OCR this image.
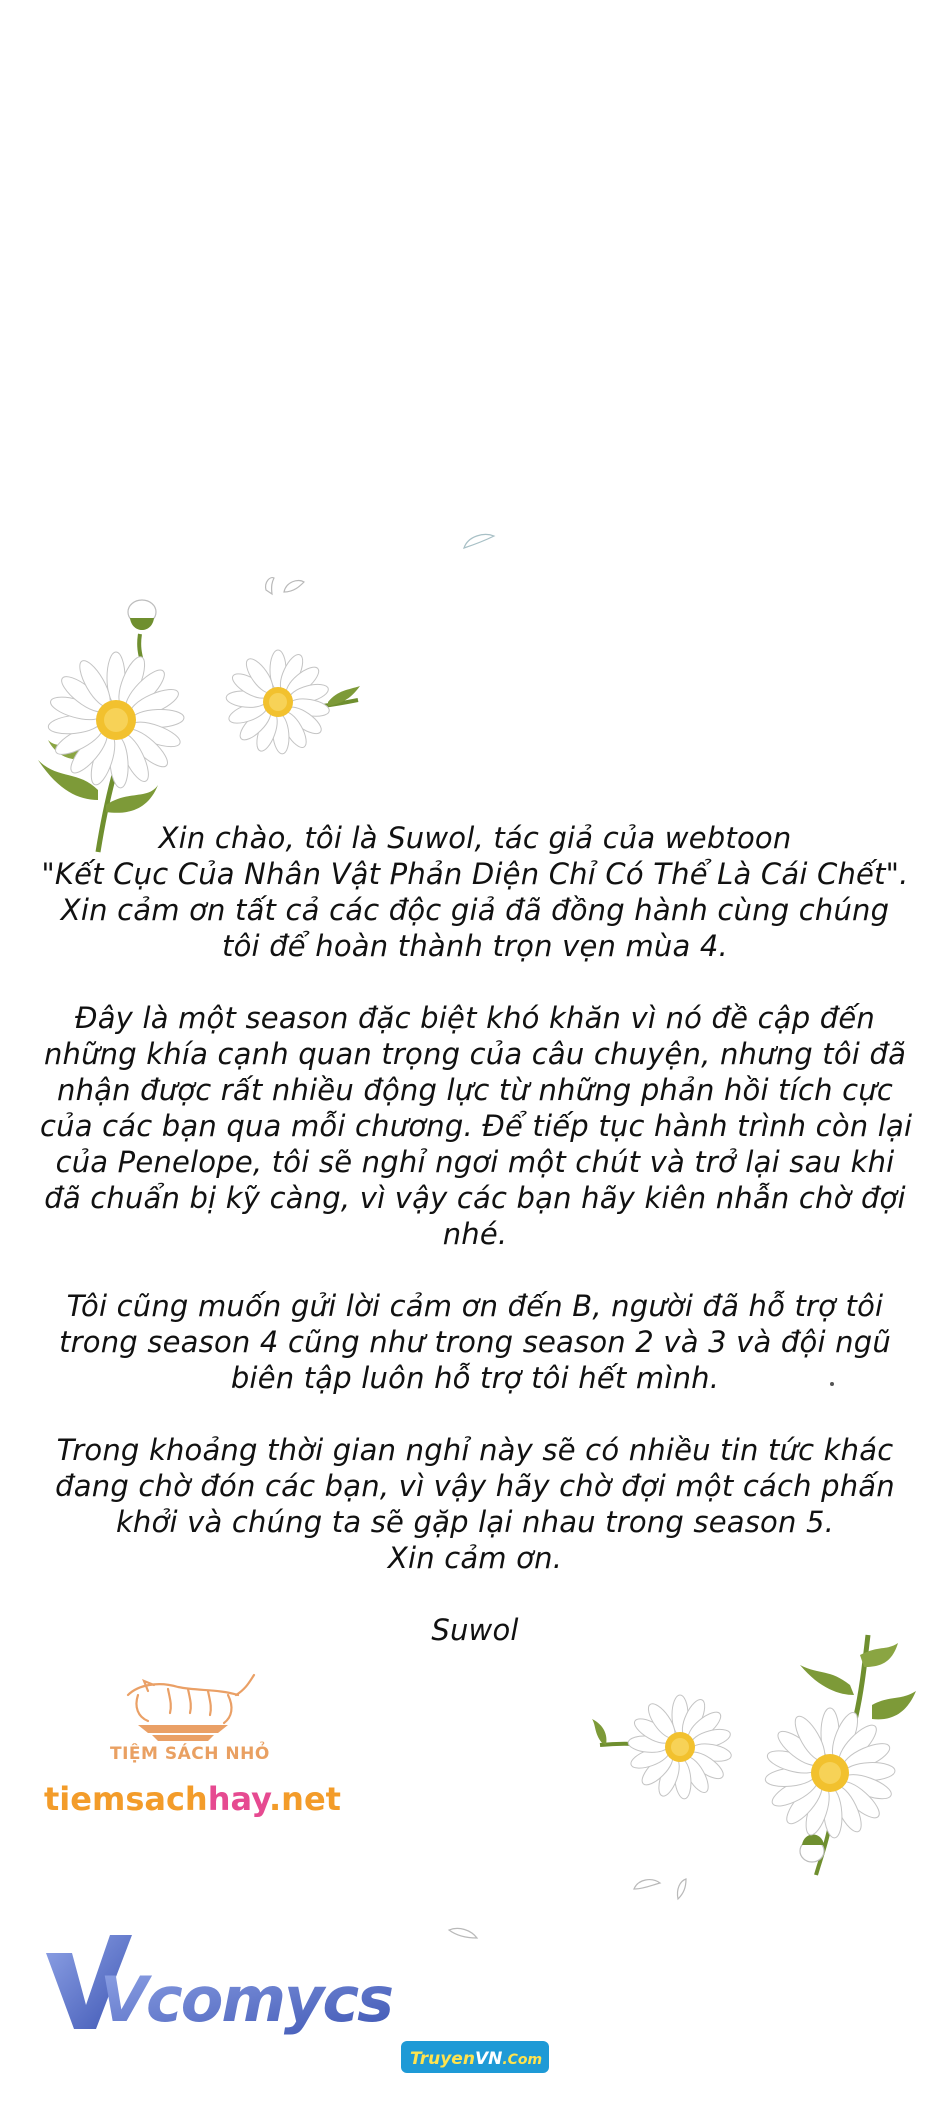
Xin chào, tôi là Suwol, tác giả của webtoon
"Kết Cục Của Nhân Vật Phản Diện Chỉ Có Thể Là Cái Chết".
Xin cảm ơn tất cả các độc giả đã đồng hành cùng chúng
tôi để hoàn thành trọn vẹn mùa 4.

Đây là một season đặc biệt khó khăn vì nó đề cập đến
những khía cạnh quan trọng của câu chuyện, nhưng tôi đã
nhận được rất nhiều động lực từ những phản hồi tích cực
của các bạn qua mỗi chương. Để tiếp tục hành trình còn lại
của Penelope, tôi sẽ nghỉ ngơi một chút và trở lại sau khi
đã chuẩn bị kỹ càng, vì vậy các bạn hãy kiên nhẫn chờ đợi
nhé.

Tôi cũng muốn gửi lời cảm ơn đến B, người đã hỗ trợ tôi
trong season 4 cũng như trong season 2 và 3 và đội ngũ
biên tập luôn hỗ trợ tôi hết mình.

Trong khoảng thời gian nghỉ này sẽ có nhiều tin tức khác
đang chờ đón các bạn, vì vậy hãy chờ đợi một cách phấn
khởi và chúng ta sẽ gặp lại nhau trong season 5.
Xin cảm ơn.

Suwol
TIỆM SÁCH NHỎ
tiemsachhay.net
Vcomycs
TruyenVN.Com
